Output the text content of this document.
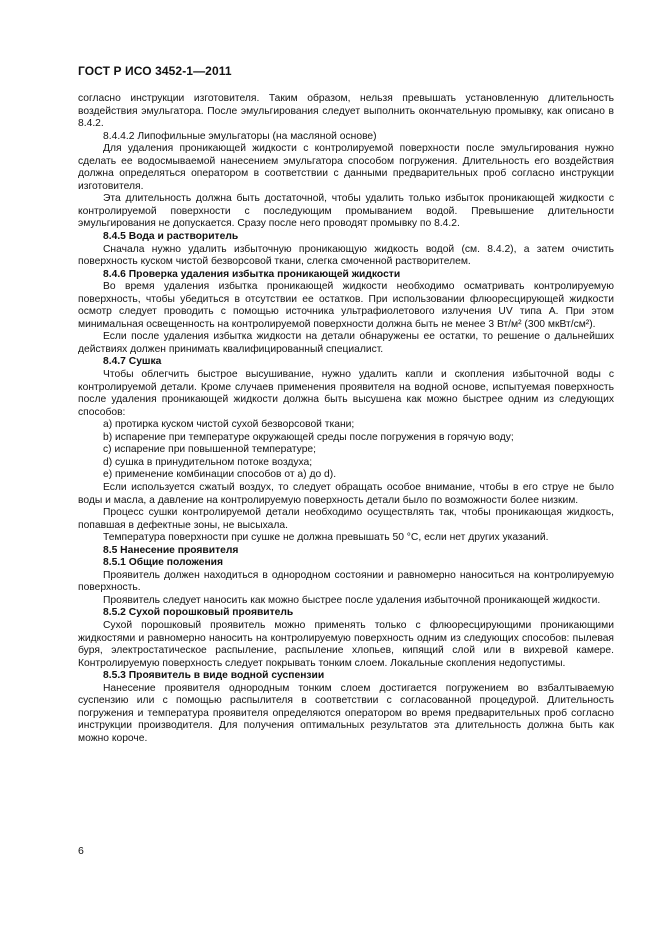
ГОСТ Р ИСО 3452-1—2011

согласно инструкции изготовителя. Таким образом, нельзя превышать установленную длительность воздействия эмульгатора. После эмульгирования следует выполнить окончательную промывку, как описано в 8.4.2.

8.4.4.2 Липофильные эмульгаторы (на масляной основе)

Для удаления проникающей жидкости с контролируемой поверхности после эмульгирования нужно сделать ее водосмываемой нанесением эмульгатора способом погружения. Длительность его воздействия должна определяться оператором в соответствии с данными предварительных проб согласно инструкции изготовителя.

Эта длительность должна быть достаточной, чтобы удалить только избыток проникающей жидкости с контролируемой поверхности с последующим промыванием водой. Превышение длительности эмульгирования не допускается. Сразу после него проводят промывку по 8.4.2.

8.4.5 Вода и растворитель

Сначала нужно удалить избыточную проникающую жидкость водой (см. 8.4.2), а затем очистить поверхность куском чистой безворсовой ткани, слегка смоченной растворителем.

8.4.6 Проверка удаления избытка проникающей жидкости

Во время удаления избытка проникающей жидкости необходимо осматривать контролируемую поверхность, чтобы убедиться в отсутствии ее остатков. При использовании флюоресцирующей жидкости осмотр следует проводить с помощью источника ультрафиолетового излучения UV типа А. При этом минимальная освещенность на контролируемой поверхности должна быть не менее 3 Вт/м² (300 мкВт/см²).

Если после удаления избытка жидкости на детали обнаружены ее остатки, то решение о дальнейших действиях должен принимать квалифицированный специалист.

8.4.7 Сушка

Чтобы облегчить быстрое высушивание, нужно удалить капли и скопления избыточной воды с контролируемой детали. Кроме случаев применения проявителя на водной основе, испытуемая поверхность после удаления проникающей жидкости должна быть высушена как можно быстрее одним из следующих способов:

a) протирка куском чистой сухой безворсовой ткани;

b) испарение при температуре окружающей среды после погружения в горячую воду;

c) испарение при повышенной температуре;

d) сушка в принудительном потоке воздуха;

e) применение комбинации способов от а) до d).

Если используется сжатый воздух, то следует обращать особое внимание, чтобы в его струе не было воды и масла, а давление на контролируемую поверхность детали было по возможности более низким.

Процесс сушки контролируемой детали необходимо осуществлять так, чтобы проникающая жидкость, попавшая в дефектные зоны, не высыхала.

Температура поверхности при сушке не должна превышать 50 °С, если нет других указаний.

8.5 Нанесение проявителя

8.5.1 Общие положения

Проявитель должен находиться в однородном состоянии и равномерно наноситься на контролируемую поверхность.

Проявитель следует наносить как можно быстрее после удаления избыточной проникающей жидкости.

8.5.2 Сухой порошковый проявитель

Сухой порошковый проявитель можно применять только с флюоресцирующими проникающими жидкостями и равномерно наносить на контролируемую поверхность одним из следующих способов: пылевая буря, электростатическое распыление, распыление хлопьев, кипящий слой или в вихревой камере. Контролируемую поверхность следует покрывать тонким слоем. Локальные скопления недопустимы.

8.5.3 Проявитель в виде водной суспензии

Нанесение проявителя однородным тонким слоем достигается погружением во взбалтываемую суспензию или с помощью распылителя в соответствии с согласованной процедурой. Длительность погружения и температура проявителя определяются оператором во время предварительных проб согласно инструкции производителя. Для получения оптимальных результатов эта длительность должна быть как можно короче.

6
